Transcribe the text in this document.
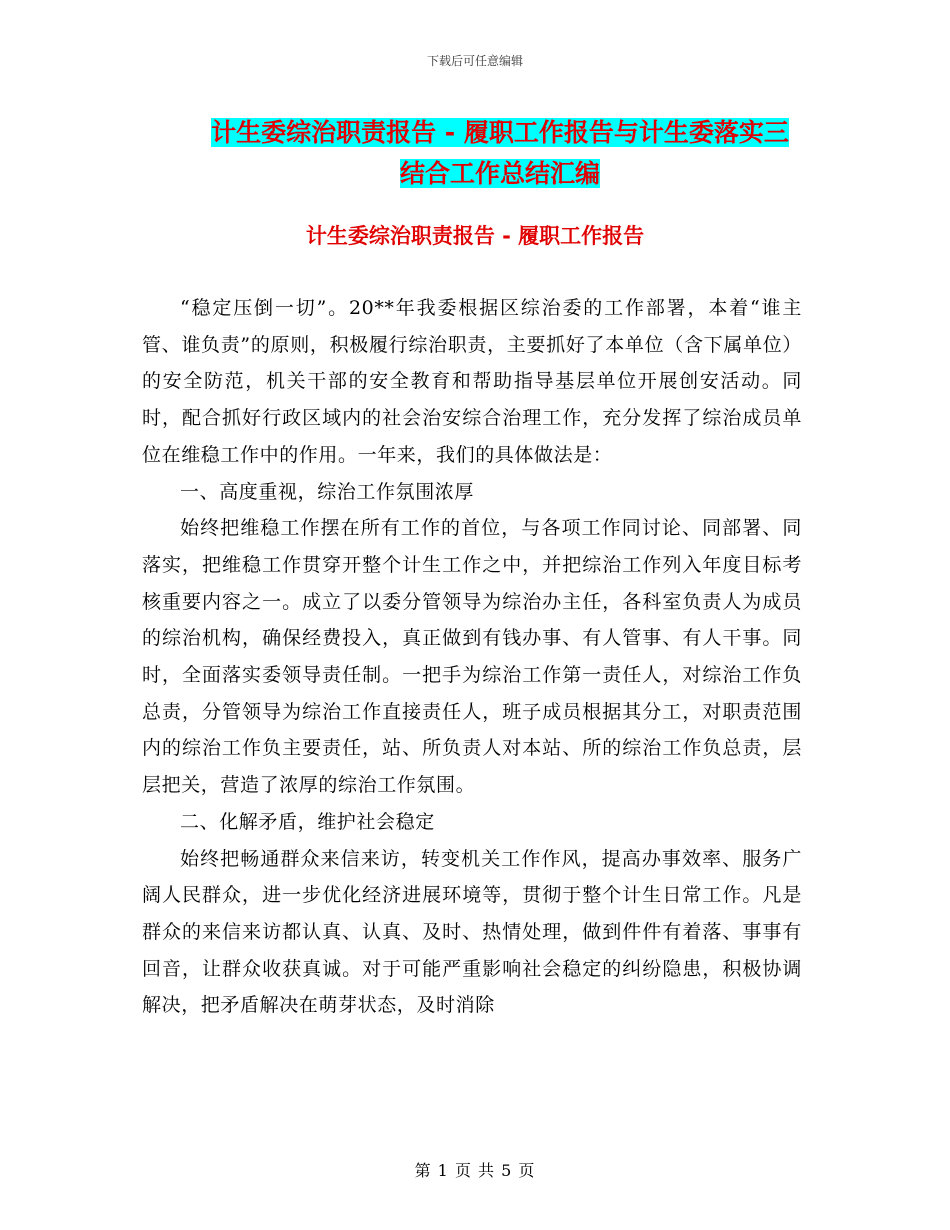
下载后可任意编辑
计生委综治职责报告 - 履职工作报告与计生委落实三
结合工作总结汇编
计生委综治职责报告 - 履职工作报告

“稳定压倒一切”。20**年我委根据区综治委的工作部署，本着“谁主管、谁负责”的原则，积极履行综治职责，主要抓好了本单位（含下属单位）的安全防范，机关干部的安全教育和帮助指导基层单位开展创安活动。同时，配合抓好行政区域内的社会治安综合治理工作，充分发挥了综治成员单位在维稳工作中的作用。一年来，我们的具体做法是：

一、高度重视，综治工作氛围浓厚

始终把维稳工作摆在所有工作的首位，与各项工作同讨论、同部署、同落实，把维稳工作贯穿开整个计生工作之中，并把综治工作列入年度目标考核重要内容之一。成立了以委分管领导为综治办主任，各科室负责人为成员的综治机构，确保经费投入，真正做到有钱办事、有人管事、有人干事。同时，全面落实委领导责任制。一把手为综治工作第一责任人，对综治工作负总责，分管领导为综治工作直接责任人，班子成员根据其分工，对职责范围内的综治工作负主要责任，站、所负责人对本站、所的综治工作负总责，层层把关，营造了浓厚的综治工作氛围。

二、化解矛盾，维护社会稳定

始终把畅通群众来信来访，转变机关工作作风，提高办事效率、服务广阔人民群众，进一步优化经济进展环境等，贯彻于整个计生日常工作。凡是群众的来信来访都认真、认真、及时、热情处理，做到件件有着落、事事有回音，让群众收获真诚。对于可能严重影响社会稳定的纠纷隐患，积极协调解决，把矛盾解决在萌芽状态，及时消除

第 1 页 共 5 页
